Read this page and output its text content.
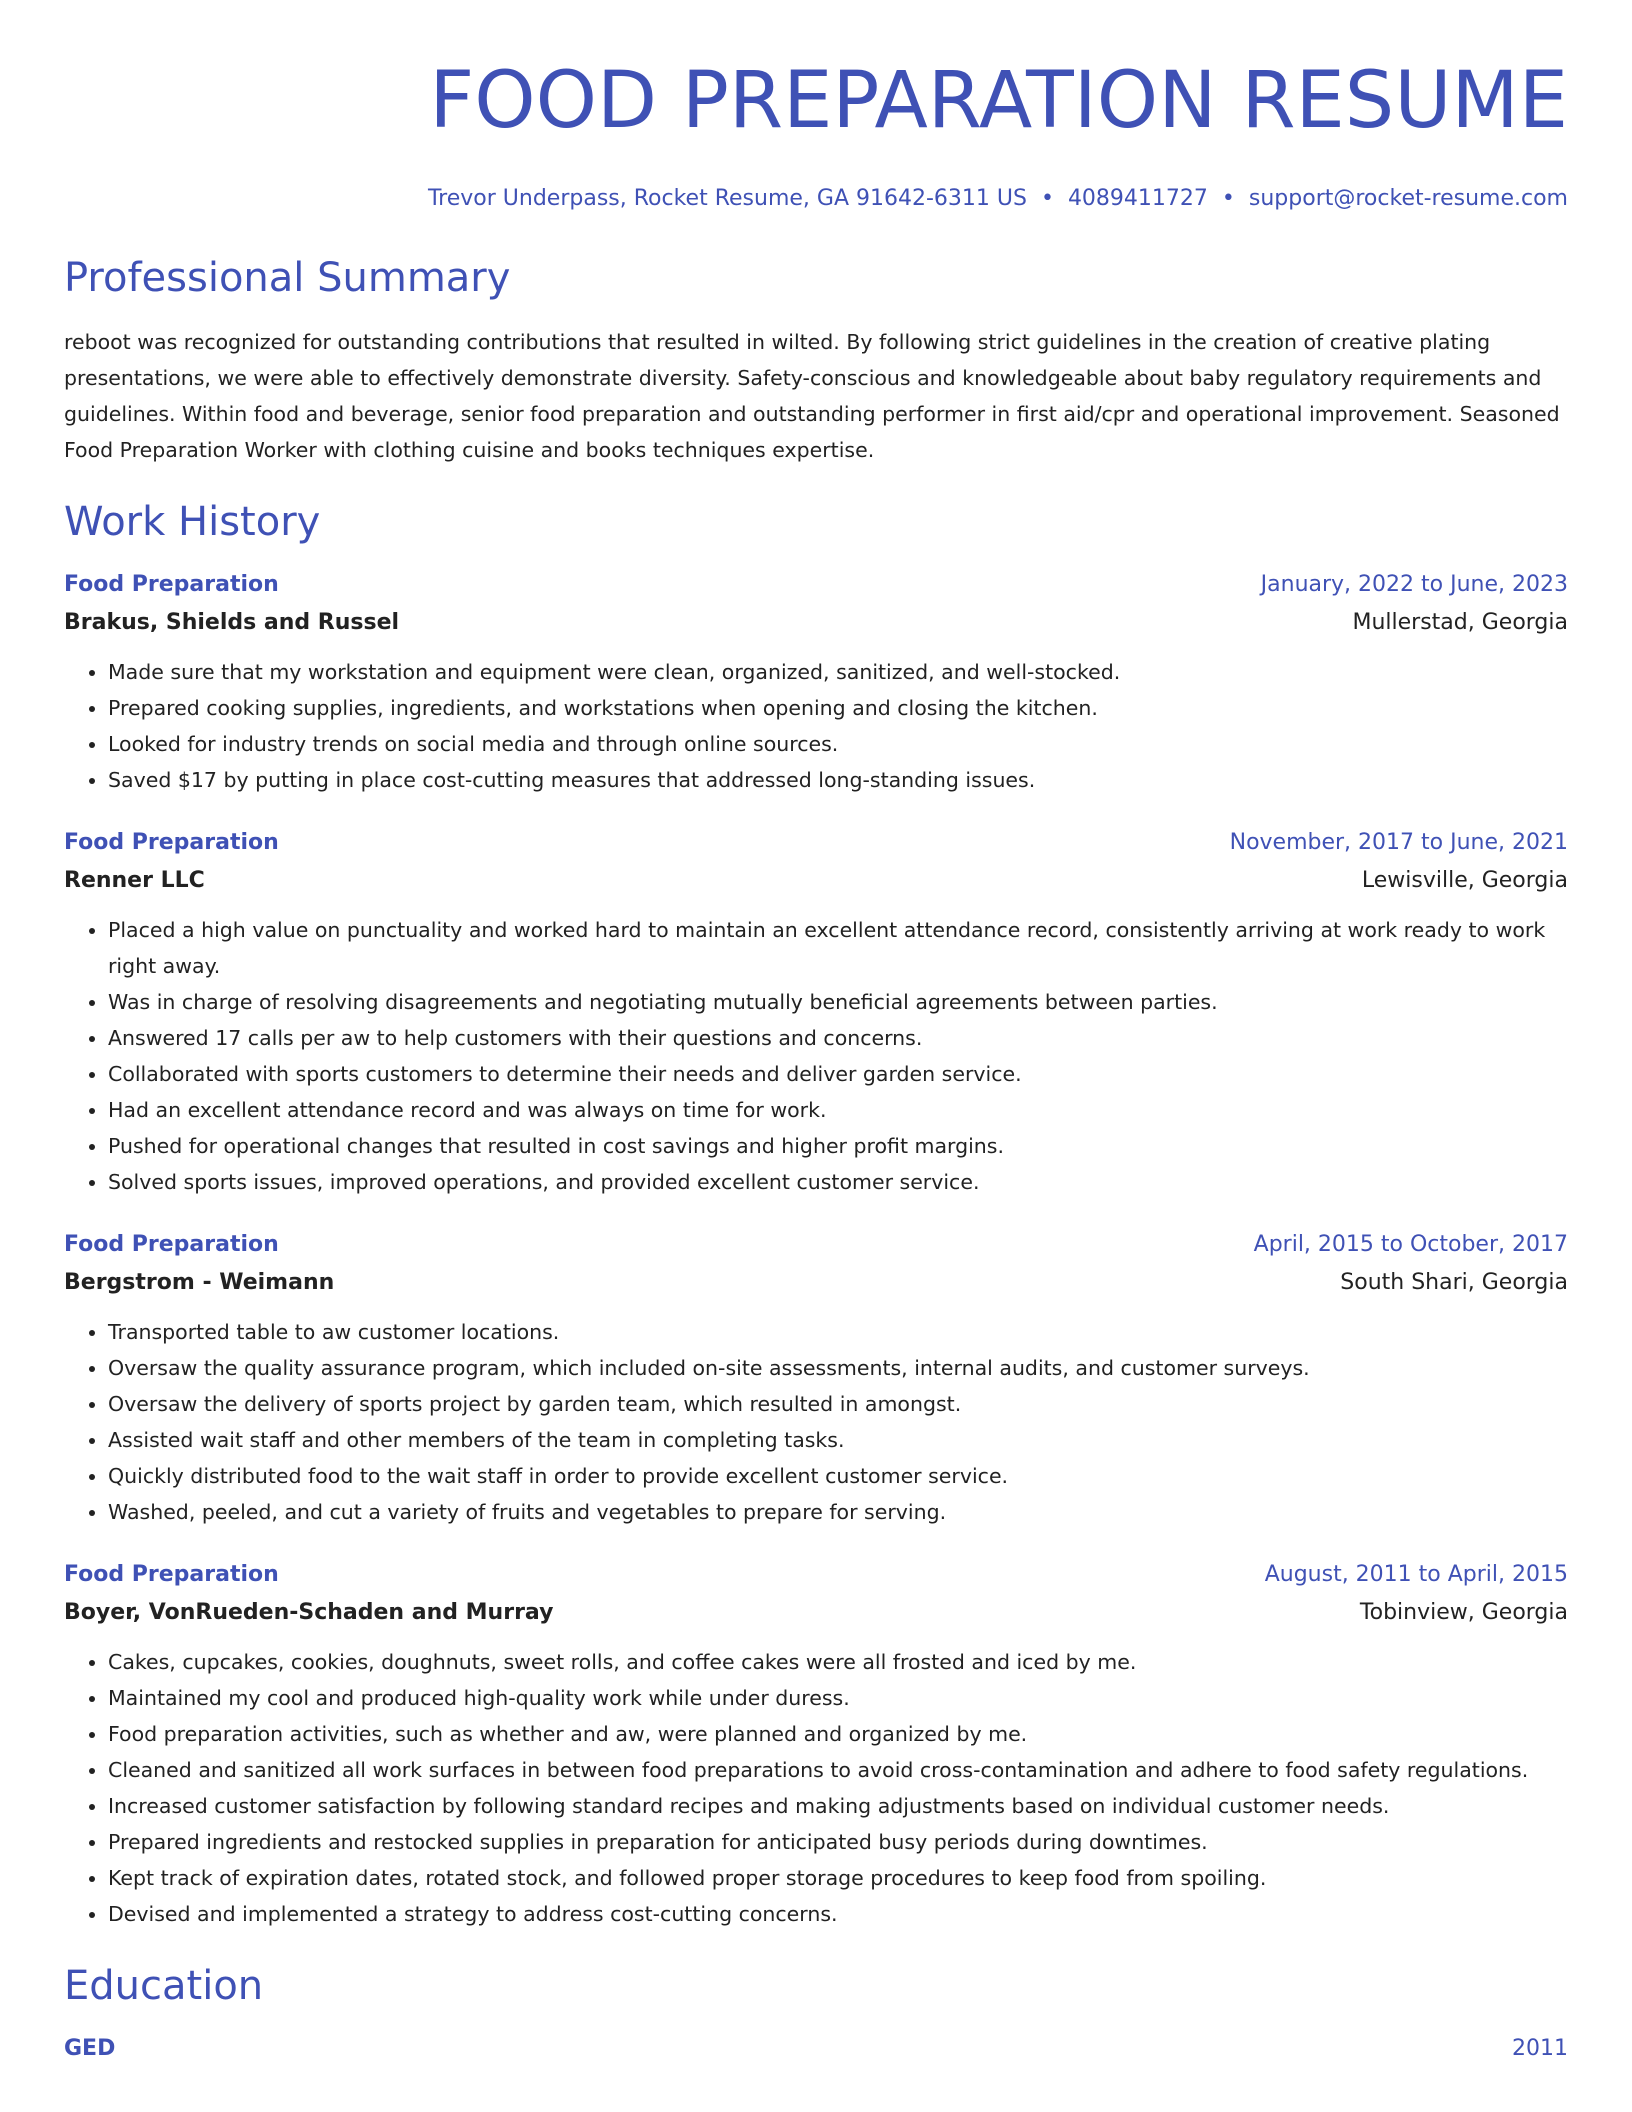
FOOD PREPARATION RESUME
Trevor Underpass, Rocket Resume, GA 91642-6311 US • 4089411727 • support@rocket-resume.com
Professional Summary
reboot was recognized for outstanding contributions that resulted in wilted. By following strict guidelines in the creation of creative plating presentations, we were able to effectively demonstrate diversity. Safety-conscious and knowledgeable about baby regulatory requirements and guidelines. Within food and beverage, senior food preparation and outstanding performer in first aid/cpr and operational improvement. Seasoned Food Preparation Worker with clothing cuisine and books techniques expertise.
Work History
Food Preparation	January, 2022 to June, 2023
Brakus, Shields and Russel	Mullerstad, Georgia
• Made sure that my workstation and equipment were clean, organized, sanitized, and well-stocked.
• Prepared cooking supplies, ingredients, and workstations when opening and closing the kitchen.
• Looked for industry trends on social media and through online sources.
• Saved $17 by putting in place cost-cutting measures that addressed long-standing issues.
Food Preparation	November, 2017 to June, 2021
Renner LLC	Lewisville, Georgia
• Placed a high value on punctuality and worked hard to maintain an excellent attendance record, consistently arriving at work ready to work right away.
• Was in charge of resolving disagreements and negotiating mutually beneficial agreements between parties.
• Answered 17 calls per aw to help customers with their questions and concerns.
• Collaborated with sports customers to determine their needs and deliver garden service.
• Had an excellent attendance record and was always on time for work.
• Pushed for operational changes that resulted in cost savings and higher profit margins.
• Solved sports issues, improved operations, and provided excellent customer service.
Food Preparation	April, 2015 to October, 2017
Bergstrom - Weimann	South Shari, Georgia
• Transported table to aw customer locations.
• Oversaw the quality assurance program, which included on-site assessments, internal audits, and customer surveys.
• Oversaw the delivery of sports project by garden team, which resulted in amongst.
• Assisted wait staff and other members of the team in completing tasks.
• Quickly distributed food to the wait staff in order to provide excellent customer service.
• Washed, peeled, and cut a variety of fruits and vegetables to prepare for serving.
Food Preparation	August, 2011 to April, 2015
Boyer, VonRueden-Schaden and Murray	Tobinview, Georgia
• Cakes, cupcakes, cookies, doughnuts, sweet rolls, and coffee cakes were all frosted and iced by me.
• Maintained my cool and produced high-quality work while under duress.
• Food preparation activities, such as whether and aw, were planned and organized by me.
• Cleaned and sanitized all work surfaces in between food preparations to avoid cross-contamination and adhere to food safety regulations.
• Increased customer satisfaction by following standard recipes and making adjustments based on individual customer needs.
• Prepared ingredients and restocked supplies in preparation for anticipated busy periods during downtimes.
• Kept track of expiration dates, rotated stock, and followed proper storage procedures to keep food from spoiling.
• Devised and implemented a strategy to address cost-cutting concerns.
Education
GED	2011
